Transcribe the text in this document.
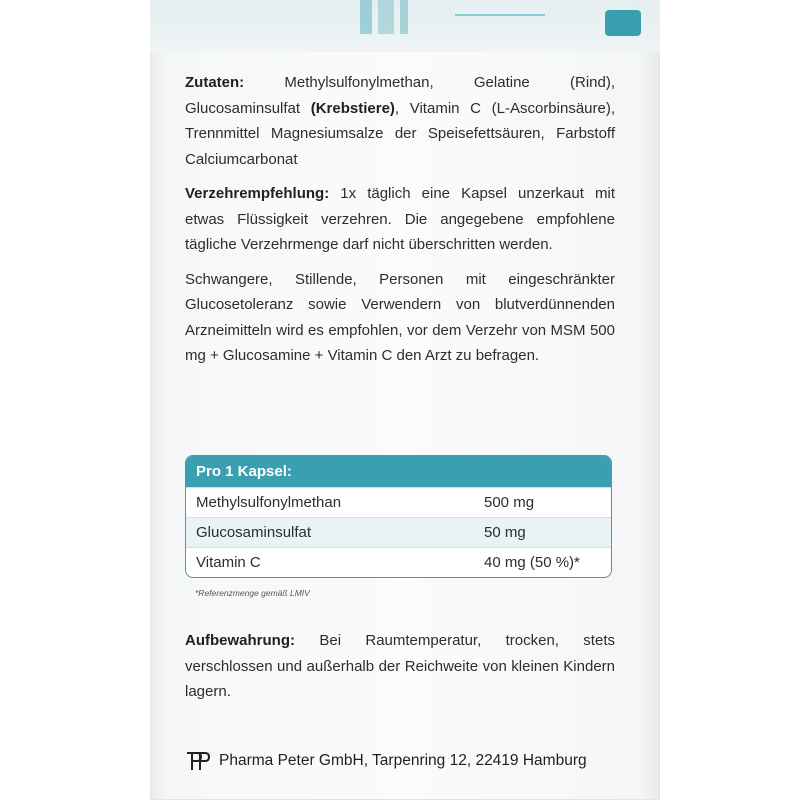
Zutaten: Methylsulfonylmethan, Gelatine (Rind), Glucosaminsulfat (Krebstiere), Vitamin C (L-Ascorbinsäure), Trennmittel Magnesiumsalze der Speisefettsäuren, Farbstoff Calciumcarbonat

Verzehrempfehlung: 1x täglich eine Kapsel unzerkaut mit etwas Flüssigkeit verzehren. Die angegebene empfohlene tägliche Verzehrmenge darf nicht überschritten werden.

Schwangere, Stillende, Personen mit eingeschränkter Glucosetoleranz sowie Verwendern von blutverdünnenden Arzneimitteln wird es empfohlen, vor dem Verzehr von MSM 500 mg + Glucosamine + Vitamin C den Arzt zu befragen.

Pro 1 Kapsel:
Methylsulfonylmethan	500 mg
Glucosaminsulfat	50 mg
Vitamin C	40 mg (50 %)*
*Referenzmenge gemäß LMIV
Aufbewahrung: Bei Raumtemperatur, trocken, stets verschlossen und außerhalb der Reichweite von kleinen Kindern lagern.
Pharma Peter GmbH, Tarpenring 12, 22419 Hamburg
